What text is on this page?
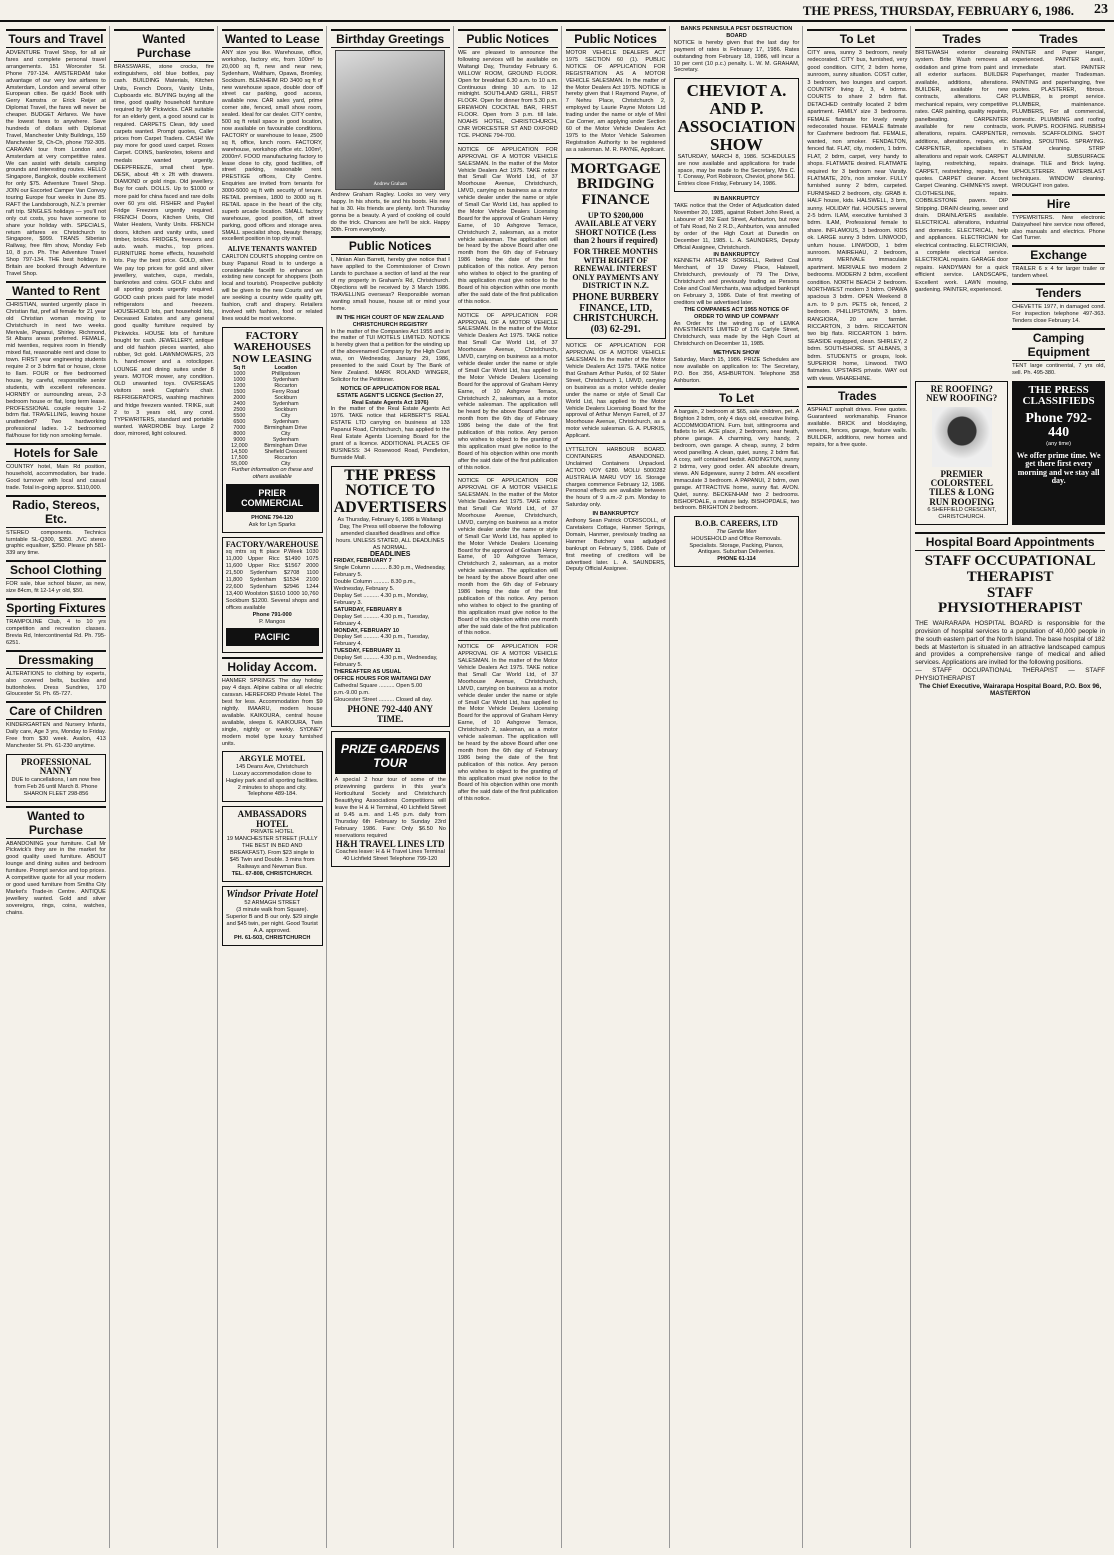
THE PRESS, THURSDAY, FEBRUARY 6, 1986. 23
Tours and Travel
ADVENTURE Travel Shop, for all air fares and complete personal travel arrangements. 151 Worcester St. Phone 797-134. AMSTERDAM take advantage of our very low airfares to Amsterdam, London and several other European cities. Be quick! Book with Gerry Kamstra or Erick Reijer at Diplomat Travel, the fares will never be cheaper. BUDGET Airfares. We have the lowest fares to anywhere. Save hundreds of dollars with Diplomat Travel, Manchester Unity Buildings, 159 Manchester St, Ch-Ch, phone 792-305. CARAVAN tour from London and Amsterdam at very competitive rates. We can assist with details camping grounds and interesting routes. HELLO Singapore, Bangkok, double excitement for only $75. Adventure Travel Shop. JOIN our Escorted Camper Van Convoy touring Europe four weeks in June 85. RAFT the Landsborough, N.Z.'s premier raft trip. SINGLES holidays — you'll not only cut costs, you have someone to share your holiday with. SPECIALS, return airfares ex Christchurch to Singapore, $999. TRANS Siberian Railway, free film show, Monday Feb 10, 8 p.m. Ph. The Adventure Travel Shop 797-134. THE best holidays in Britain are booked through Adventure Travel Shop.
Wanted to Rent
CHRISTIAN, wanted urgently place in Christian flat, pref all female for 21 year old Christian woman moving to Christchurch in next two weeks. Merivale, Papanui, Shirley. Richmond, St Albans areas preferred. FEMALE, mid twenties, requires room in friendly mixed flat, reasonable rent and close to town. FIRST year engineering students require 2 or 3 bdrm flat or house, close to Ilam. FOUR or five bedroomed house, by careful, responsible senior students, with excellent references. HORNBY or surrounding areas, 2-3 bedroom house or flat, long term lease. PROFESSIONAL couple require 1-2 bdrm flat. TRAVELLING, leaving house unattended? Two hardworking professional ladies. 1-2 bedroomed flat/house for tidy non smoking female.
Hotels for Sale
COUNTRY hotel, Main Rd position, household, accommodation, bar trade. Good turnover with local and casual trade. Total in-going approx. $110,000.
Radio, Stereos, Etc.
STEREO components. Technics turntable SL-Q300, $350. JVC stereo graphic equaliser, $250. Please ph 581-339 any time.
School Clothing
FOR sale, blue school blazer, as new, size 84cm, fit 12-14 yr old, $50.
Sporting Fixtures
TRAMPOLINE Club, 4 to 10 yrs competition and recreation classes. Brevia Rd, Intercontinental Rd. Ph. 795-6251.
Dressmaking
ALTERATIONS to clothing by experts, also covered belts, buckles and buttonholes. Dress Sundries, 170 Gloucester St. Ph. 65-727.
Care of Children
KINDERGARTEN and Nursery Infants, Daily care, Age 3 yrs, Monday to Friday. Free from $30 week. Avalon, 413 Manchester St. Ph. 61-230 anytime.
PROFESSIONAL NANNY
DUE to cancellations, I am now free from Feb 26 until March 8. Phone SHARON FLEET 298-856
Wanted to Purchase
ABANDONING your furniture. Call Mr Pickwick's they are in the market for good quality used furniture. ABOUT lounge and dining suites and bedroom furniture. Prompt service and top prices. A competitive quote for all your modern or good used furniture from Smiths City Market's Trade-in Centre. ANTIQUE jewellery wanted. Gold and silver sovereigns, rings, coins, watches, chains.
Wanted Purchase
BRASSWARE, stone crocks, fire extinguishers, old blue bottles, pay cash. BUILDING Materials, Kitchen Units, French Doors, Vanity Units, Cupboards etc. BUYING buying all the time, good quality household furniture required by Mr Pickwicks. CAR suitable for an elderly gent, a good sound car is required. CARPETS Clean, tidy used carpets wanted. Prompt quotes, Caller prices from Carpet Traders. CASH! We pay more for good used carpet. Roses Carpet. COINS, banknotes, tokens and medals wanted urgently. DEEPFREEZE, small chest type. DESK, about 4ft x 2ft with drawers. DIAMOND or gold rings. Old jewellery. Buy for cash. DOLLS. Up to $1000 or more paid for china faced and rare dolls over 60 yrs old. FISHER and Paykel Fridge Freezers urgently required. FRENCH Doors, Kitchen Units, Old Water Heaters, Vanity Units. FRENCH doors, kitchen and vanity units, used timber, bricks. FRIDGES, freezers and auto. wash. machs., top prices. FURNITURE home effects, household lots. Pay the best price. GOLD, silver. We pay top prices for gold and silver jewellery, watches, cups, medals, banknotes and coins. GOLF clubs and all sporting goods urgently required. GOOD cash prices paid for late model refrigerators and freezers. HOUSEHOLD lots, part household lots, Deceased Estates and any general good quality furniture required by Pickwicks. HOUSE lots of furniture bought for cash. JEWELLERY, antique and old fashion pieces wanted, also rubber, 9ct gold. LAWNMOWERS, 2/3 h. hand-mower and a rotoclipper. LOUNGE and dining suites under 8 years. MOTOR mower, any condition. OLD unwanted toys. OVERSEAS visitors seek Captain's chair. REFRIGERATORS, washing machines and fridge freezers wanted. TRIKE, suit 2 to 3 years old, any cond. TYPEWRITERS, standard and portable wanted. WARDROBE buy. Large 2 door, mirrored, light coloured.
Wanted to Lease
ANY size you like. Warehouse, office, workshop, factory etc, from 100m² to 20,000 sq ft, new and near new, Sydenham, Waltham, Opawa, Bromley, Sockburn. BLENHEIM RD 3400 sq ft of new warehouse space, double door off street car parking, good access, available now. CAR sales yard, prime corner site, fenced, small show room, sealed. Ideal for car dealer. CITY centre, 500 sq ft retail space in good location, now available on favourable conditions. FACTORY or warehouse to lease, 2500 sq ft, office, lunch room. FACTORY, warehouse, workshop office etc. 100m², 2000m². FOOD manufacturing factory to lease close to city, good facilities, off street parking, reasonable rent. PRESTIGE offices, City Centre. Enquiries are invited from tenants for 3000-5000 sq ft with security of tenure. RETAIL premises, 1800 to 3000 sq ft. RETAIL space in the heart of the city, superb arcade location. SMALL factory warehouse, good position, off street parking, good offices and storage area. SMALL specialist shop, beauty therapy, excellent position in top city mall.
ALIVE TENANTS WANTED
CARLTON COURTS shopping centre on busy Papanui Road is to undergo a considerable facelift to enhance an existing new concept for shoppers (both local and tourists). Prospective publicity will be given to the new Courts and we are seeking a country wide quality gift, fashion, craft and drapery. Retailers involved with fashion, food or related lines would be most welcome.
FACTORY WAREHOUSES NOW LEASING
Sq ft	Location
1000	Phillipstown
1000	Sydenham
1200	Riccarton
1500	Ferry Road
2000	Sockburn
2400	Sydenham
2500	Sockburn
5500	City
6500	Sydenham
7000	Birmingham Drive
8000	City
9000	Sydenham
12,000	Birmingham Drive
14,500	Shefield Crescent
17,500	Riccarton
55,000	City
Further information on these and others available
PRIER COMMERCIAL
PHONE 794-120
Ask for Lyn Sparks
FACTORY/WAREHOUSE
sq mtrs sq ft place P.Week 1030 11,000 Upper Ricc $1490 1075 11,600 Upper Ricc $1567 2000 21,500 Sydenham $2708 1100 11,800 Sydenham $1534 2100 22,600 Sydenham $2946 1244 13,400 Woolston $1610 1000 10,760 Sockburn $1200. Several shops and offices available
Phone 791-000
P. Mangos
PACIFIC
Holiday Accom.
HANMER SPRINGS The day holiday pay 4 days. Alpine cabins or all electric caravan. HEREFORD Private Hotel. The best for less. Accommodation from $9 nightly. IMAARU, modern house available. KAIKOURA, central house available, sleeps 6. KAIKOURA, Twin single, nightly or weekly. SYDNEY modern motel type luxury furnished units.
ARGYLE MOTEL
145 Deans Ave, Christchurch
Luxury accommodation close to Hagley park and all sporting facilities. 2 minutes to shops and city. Telephone 489-184.
AMBASSADORS HOTEL
PRIVATE HOTEL
19 MANCHESTER STREET (FULLY THE BEST IN BED AND BREAKFAST). From $23 single to $45 Twin and Double. 3 mins from Railways and Newman Bus.
TEL. 67-808, CHRISTCHURCH.
Windsor Private Hotel
52 ARMAGH STREET
(3 minute walk from Square). Superior B and B our only. $29 single and $45 twin, per night. Good Tourist A.A. approved.
PH. 61-503, CHRISTCHURCH
Birthday Greetings
Andrew Graham
Andrew Graham Ragley. Looks so very very happy. In his shorts, tie and his boots. His new hat is 30. His friends are plenty. Isn't Thursday gonna be a beauty. A yard of cooking oil could do the trick. Chances are he'll be sick. Happy 30th. From everybody.
Public Notices
I, Ninian Alan Barrett, hereby give notice that I have applied to the Commissioner of Crown Lands to purchase a section of land at the rear of my property in Graham's Rd, Christchurch. Objections will be received by 3 March 1986. TRAVELLING overseas? Responsible woman wanting small house, house sit or mind your home.
IN THE HIGH COURT OF NEW ZEALAND CHRISTCHURCH REGISTRY
In the matter of the Companies Act 1955 and in the matter of TUI MOTELS LIMITED. NOTICE is hereby given that a petition for the winding up of the abovenamed Company by the High Court was, on Wednesday, January 29, 1986, presented to the said Court by The Bank of New Zealand. MARK ROLAND WINGER, Solicitor for the Petitioner.
NOTICE OF APPLICATION FOR REAL ESTATE AGENT'S LICENCE (Section 27, Real Estate Agents Act 1976)
In the matter of the Real Estate Agents Act 1976. TAKE notice that HERBERT'S REAL ESTATE LTD carrying on business at 133 Papanui Road, Christchurch, has applied to the Real Estate Agents Licensing Board for the grant of a licence. ADDITIONAL PLACES OF BUSINESS: 34 Rosewood Road, Pendleton, Burnside Mall.
THE PRESS
NOTICE TO ADVERTISERS
As Thursday, February 6, 1986 is Waitangi Day, The Press will observe the following amended classified deadlines and office hours. UNLESS STATED, ALL DEADLINES AS NORMAL.
DEADLINES
FRIDAY, FEBRUARY 7
Single Column .......... 8.30 p.m., Wednesday, February 5.
Double Column .......... 8.30 p.m., Wednesday, February 5.
Display Set .......... 4.30 p.m., Monday, February 3.
SATURDAY, FEBRUARY 8
Display Set .......... 4.30 p.m., Tuesday, February 4.
MONDAY, FEBRUARY 10
Display Set .......... 4.30 p.m., Tuesday, February 4.
TUESDAY, FEBRUARY 11
Display Set .......... 4.30 p.m., Wednesday, February 5.
THEREAFTER AS USUAL
OFFICE HOURS FOR WAITANGI DAY
Cathedral Square .......... Open 5.00 p.m.-9.00 p.m.
Gloucester Street .......... Closed all day.
PHONE 792-440 ANY TIME.
PRIZE GARDENS TOUR
A special 2 hour tour of some of the prizewinning gardens in this year's Horticultural Society and Christchurch Beautifying Associations Competitions will leave the H & H Terminal, 40 Lichfield Street at 9.45 a.m. and 1.45 p.m. daily from Thursday 6th February to Sunday 23rd February 1986. Fare: Only $6.50 No reservations required
H&H TRAVEL LINES LTD
Coaches leave: H & H Travel Lines Terminal 40 Lichfield Street Telephone 799-120
Public Notices
WE are pleased to announce the following services will be available on Waitangi Day, Thursday February 6. WILLOW ROOM, GROUND FLOOR. Open for breakfast 6.30 a.m. to 10 a.m. Continuous dining 10 a.m. to 12 midnight. SOUTHLAND GRILL, FIRST FLOOR. Open for dinner from 5.30 p.m. EREWHON COCKTAIL BAR, FIRST FLOOR. Open from 3 p.m. till late. NOAHS HOTEL, CHRISTCHURCH, CNR WORCESTER ST AND OXFORD TCE. PHONE 794-700.
NOTICE OF APPLICATION FOR APPROVAL OF A MOTOR VEHICLE SALESMAN. In the matter of the Motor Vehicle Dealers Act 1975. TAKE notice that Small Car World Ltd, of 37 Moorhouse Avenue, Christchurch, LMVD, carrying on business as a motor vehicle dealer under the name or style of Small Car World Ltd, has applied to the Motor Vehicle Dealers Licensing Board for the approval of Graham Henry Earne, of 10 Ashgrove Terrace, Christchurch 2, salesman, as a motor vehicle salesman. The application will be heard by the above Board after one month from the 6th day of February 1986 being the date of the first publication of this notice. Any person who wishes to object to the granting of this application must give notice to the Board of his objection within one month after the said date of the first publication of this notice.
NOTICE OF APPLICATION FOR APPROVAL OF A MOTOR VEHICLE SALESMAN. In the matter of the Motor Vehicle Dealers Act 1975. TAKE notice that Small Car World Ltd, of 37 Moorhouse Avenue, Christchurch, LMVD, carrying on business as a motor vehicle dealer under the name or style of Small Car World Ltd, has applied to the Motor Vehicle Dealers Licensing Board for the approval of Graham Henry Earne, of 10 Ashgrove Terrace, Christchurch 2, salesman, as a motor vehicle salesman. The application will be heard by the above Board after one month from the 6th day of February 1986 being the date of the first publication of this notice. Any person who wishes to object to the granting of this application must give notice to the Board of his objection within one month after the said date of the first publication of this notice.
NOTICE OF APPLICATION FOR APPROVAL OF A MOTOR VEHICLE SALESMAN. In the matter of the Motor Vehicle Dealers Act 1975. TAKE notice that Small Car World Ltd, of 37 Moorhouse Avenue, Christchurch, LMVD, carrying on business as a motor vehicle dealer under the name or style of Small Car World Ltd, has applied to the Motor Vehicle Dealers Licensing Board for the approval of Graham Henry Earne, of 10 Ashgrove Terrace, Christchurch 2, salesman, as a motor vehicle salesman. The application will be heard by the above Board after one month from the 6th day of February 1986 being the date of the first publication of this notice. Any person who wishes to object to the granting of this application must give notice to the Board of his objection within one month after the said date of the first publication of this notice.
NOTICE OF APPLICATION FOR APPROVAL OF A MOTOR VEHICLE SALESMAN. In the matter of the Motor Vehicle Dealers Act 1975. TAKE notice that Small Car World Ltd, of 37 Moorhouse Avenue, Christchurch, LMVD, carrying on business as a motor vehicle dealer under the name or style of Small Car World Ltd, has applied to the Motor Vehicle Dealers Licensing Board for the approval of Graham Henry Earne, of 10 Ashgrove Terrace, Christchurch 2, salesman, as a motor vehicle salesman. The application will be heard by the above Board after one month from the 6th day of February 1986 being the date of the first publication of this notice. Any person who wishes to object to the granting of this application must give notice to the Board of his objection within one month after the said date of the first publication of this notice.
Public Notices
MOTOR VEHICLE DEALERS ACT 1975 SECTION 60 (1). PUBLIC NOTICE OF APPLICATION FOR REGISTRATION AS A MOTOR VEHICLE SALESMAN. In the matter of the Motor Dealers Act 1975. NOTICE is hereby given that I Raymond Payne, of 7 Nehru Place, Christchurch 2, employed by Laurie Payne Motors Ltd trading under the name or style of Mini Car Corner, am applying under Section 60 of the Motor Vehicle Dealers Act 1975 to the Motor Vehicle Salesmen Registration Authority to be registered as a salesman. M. R. PAYNE, Applicant.
MORTGAGE BRIDGING FINANCE
UP TO $200,000 AVAILABLE AT VERY SHORT NOTICE (Less than 2 hours if required)
FOR THREE MONTHS WITH RIGHT OF RENEWAL INTEREST ONLY PAYMENTS ANY DISTRICT IN N.Z.
PHONE BURBERY FINANCE, LTD, CHRISTCHURCH. (03) 62-291.
NOTICE OF APPLICATION FOR APPROVAL OF A MOTOR VEHICLE SALESMAN. In the matter of the Motor Vehicle Dealers Act 1975. TAKE notice that Graham Arthur Purkis, of 92 Slater Street, Christchurch 1, LMVD, carrying on business as a motor vehicle dealer under the name or style of Small Car World Ltd, has applied to the Motor Vehicle Dealers Licensing Board for the approval of Arthur Mervyn Farrell, of 37 Moorhouse Avenue, Christchurch, as a motor vehicle salesman. G. A. PURKIS, Applicant.
LYTTELTON HARBOUR BOARD. CONTAINERS ABANDONED. Unclaimed Containers Unpacked. ACTOO VOY 6280. MOLU 5000282 AUSTRALIA MARU VOY 16. Storage charges commence February 12, 1986. Personal effects are available between the hours of 9 a.m.-2 p.m. Monday to Saturday only.
IN BANKRUPTCY
Anthony Sean Patrick O'DRISCOLL, of Caretakers Cottage, Hanmer Springs, Domain, Hanmer, previously trading as Hanmer Butchery was adjudged bankrupt on February 5, 1986. Date of first meeting of creditors will be advertised later. L. A. SAUNDERS, Deputy Official Assignee.
BANKS PENINSULA PEST DESTRUCTION BOARD
NOTICE is hereby given that the last day for payment of rates is February 17, 1986. Rates outstanding from February 18, 1986, will incur a 10 per cent (10 p.c.) penalty. L. W. M. GRAHAM, Secretary.
CHEVIOT A. AND P. ASSOCIATION SHOW
SATURDAY, MARCH 8, 1986. SCHEDULES are now available and applications for trade space, may be made to the Secretary, Mrs C. T. Conway, Port Robinson, Cheviot, phone 561. Entries close Friday, February 14, 1986.
IN BANKRUPTCY
TAKE notice that the Order of Adjudication dated November 20, 1985, against Robert John Reed, a Labourer of 352 East Street, Ashburton, but now of Tahi Road, No 2 R.D., Ashburton, was annulled by order of the High Court at Dunedin on December 11, 1985. L. A. SAUNDERS, Deputy Official Assignee, Christchurch.
IN BANKRUPTCY
KENNETH ARTHUR SORRELL, Retired Coal Merchant, of 19 Davey Place, Halswell, Christchurch, previously of 79 The Drive, Christchurch and previously trading as Persons Coke and Coal Merchants, was adjudged bankrupt on February 3, 1986. Date of first meeting of creditors will be advertised later.
THE COMPANIES ACT 1955 NOTICE OF ORDER TO WIND UP COMPANY
An Order for the winding up of LEMKA INVESTMENTS LIMITED of 176 Carlyle Street, Christchurch, was made by the High Court at Christchurch on December 11, 1985.
METHVEN SHOW
Saturday, March 15, 1986. PRIZE Schedules are now available on application to: The Secretary, P.O. Box 356, ASHBURTON. Telephone 358 Ashburton.
To Let
A bargain, 2 bedroom at $65, sale children, pet. A Brighton 2 bdrm, only 4 days old, executive living. ACCOMMODATION. Furn. bsit, sittingrooms and flatlets to let. ACE place, 2 bedroom, sear heath, phone garage. A charming, very handy, 2 bedroom, own garage. A cheap, sunny, 2 bdrm wood panelling. A clean, quiet, sunny, 2 bdrm flat. A cosy, self contained bedsit. ADDINGTON, sunny 2 bdrms, very good order. AN absolute dream, views. AN Edgeware, sunny 2 bdrm. AN excellent immaculate 3 bedroom. A PAPANUI, 2 bdrm, own garage. ATTRACTIVE home, sunny flat. AVON. Quiet, sunny. BECKENHAM two 2 bedrooms. BISHOPDALE, a mature lady. BISHOPDALE, two bedroom. BRIGHTON 2 bedroom.
B.O.B. CAREERS, LTD
The Gentle Men
HOUSEHOLD and Office Removals. Specialists. Storage, Packing, Pianos, Antiques. Suburban Deliveries.
PHONE 61-114
To Let
CITY area, sunny 3 bedroom, newly redecorated. CITY bus, furnished, very good condition. CITY, 2 bdrm home, sunroom, sunny situation. COST cutter, 3 bedroom, two lounges and carport. COUNTRY living 2, 3, 4 bdrms. COURTS to share 2 bdrm flat. DETACHED centrally located 2 bdrm apartment. FAMILY size 3 bedrooms. FEMALE flatmate for lovely newly redecorated house. FEMALE flatmate for Cashmere bedroom flat. FEMALE, wanted, non smoker. FENDALTON, fenced flat. FLAT, city, modern, 1 bdrm. FLAT, 2 bdrm, carpet, very handy to shops. FLATMATE desired. FLATMATE required for 3 bedroom near Varsity. FLATMATE, 20's, non smoker. FULLY furnished sunny 2 bdrm, carpeted. FURNISHED 2 bedroom, city. GRAB it. HALF house, kids. HALSWELL, 3 brm, sunny. HOLIDAY flat. HOUSES several 2-5 bdrm. ILAM, executive furnished 3 bdrm. ILAM, Professional female to share. INFLAMOUS, 3 bedroom. KIDS ok. LARGE sunny 3 bdrm. LINWOOD, unfurn house. LINWOOD, 1 bdrm sunroom. MAIREHAU, 2 bedroom, sunny. MERIVALE immaculate apartment. MERIVALE two modern 2 bedrooms. MODERN 2 bdrm, excellent condition. NORTH BEACH 2 bedroom. NORTHWEST modern 3 bdrm. OPAWA spacious 3 bdrm. OPEN Weekend 8 a.m. to 9 p.m. PETS ok, fenced, 2 bedroom. PHILLIPSTOWN, 3 bdrm. RANGIORA, 20 acre farmlet. RICCARTON, 3 bdrm. RICCARTON two big flats. RICCARTON 1 bdrm. SEASIDE equipped, clean. SHIRLEY, 2 bdrm. SOUTHSHORE. ST ALBANS, 3 bdrm. STUDENTS or groups, look. SUPERIOR home, Linwood. TWO flatmates. UPSTAIRS private. WAY out with views. WHAREHINE.
Trades
ASPHALT asphalt drives. Free quotes. Guaranteed workmanship. Finance available. BRICK and blocklaying, veneers, fences, garage, feature walls. BUILDER, additions, new homes and repairs, for a free quote.
Trades
BRITEWASH exterior cleansing system. Brite Wash removes all oxidation and grime from paint and all exterior surfaces. BUILDER available, additions, alterations. BUILDER, available for new contracts, alterations. CAR mechanical repairs, very competitive rates. CAR painting, quality repaints, panelbeating. CARPENTER available for new contracts, alterations, repairs. CARPENTER, additions, alterations, repairs, etc. CARPENTER, specialises in alterations and repair work. CARPET laying, restretching, repairs. CARPET, restretching, repairs, free quotes. CARPET cleaner. Accent Carpet Cleaning. CHIMNEYS swept. CLOTHESLINE, repairs. COBBLESTONE pavers. DIP Stripping. DRAIN clearing, sewer and drain. DRAINLAYERS available. ELECTRICAL alterations, industrial and domestic. ELECTRICAL, help and appliances. ELECTRICIAN for electrical contracting. ELECTRICIAN, a complete electrical service. ELECTRICAL repairs. GARAGE door repairs. HANDYMAN for a quick efficient service. LANDSCAPE, Excellent work. LAWN mowing, gardening. PAINTER, experienced.
Trades
PAINTER and Paper Hanger, experienced. PAINTER avail., immediate start. PAINTER Paperhanger, master Tradesman. PAINTING and paperhanging, free quotes. PLASTERER, fibrous. PLUMBER, is prompt service. PLUMBER, maintenance. PLUMBERS, For all commercial, domestic. PLUMBING and roofing work. PUMPS. ROOFING. RUBBISH removals. SCAFFOLDING. SHOT blasting. SPOUTING. SPRAYING. STEAM cleaning. STRIP ALUMINIUM. SUBSURFACE drainage. TILE and Brick laying. UPHOLSTERER. WATERBLAST techniques. WINDOW cleaning. WROUGHT iron gates.
Hire
TYPEWRITERS. New electronic Daisywheel hire service now offered, also manuals and electrics. Phone Carl Turner.
Exchange
TRAILER 6 x 4 for larger trailer or tandem wheel.
Tenders
CHEVETTE 1977, in damaged cond. For inspection telephone 497-363. Tenders close February 14.
Camping Equipment
TENT large continental, 7 yrs old, sell. Ph. 495-380.
RE ROOFING? NEW ROOFING?
PREMIER COLORSTEEL TILES & LONG RUN ROOFING
6 SHEFFIELD CRESCENT, CHRISTCHURCH.
THE PRESS CLASSIFIEDS
Phone 792-440
(any time)
We offer prime time. We get there first every morning and we stay all day.
Hospital Board Appointments
STAFF OCCUPATIONAL THERAPIST
STAFF PHYSIOTHERAPIST
THE WAIRARAPA HOSPITAL BOARD is responsible for the provision of hospital services to a population of 40,000 people in the south eastern part of the North Island. The base hospital of 182 beds at Masterton is situated in an attractive landscaped campus and provides a comprehensive range of medical and allied services. Applications are invited for the following positions.
— STAFF OCCUPATIONAL THERAPIST — STAFF PHYSIOTHERAPIST
The Chief Executive, Wairarapa Hospital Board, P.O. Box 96, MASTERTON
